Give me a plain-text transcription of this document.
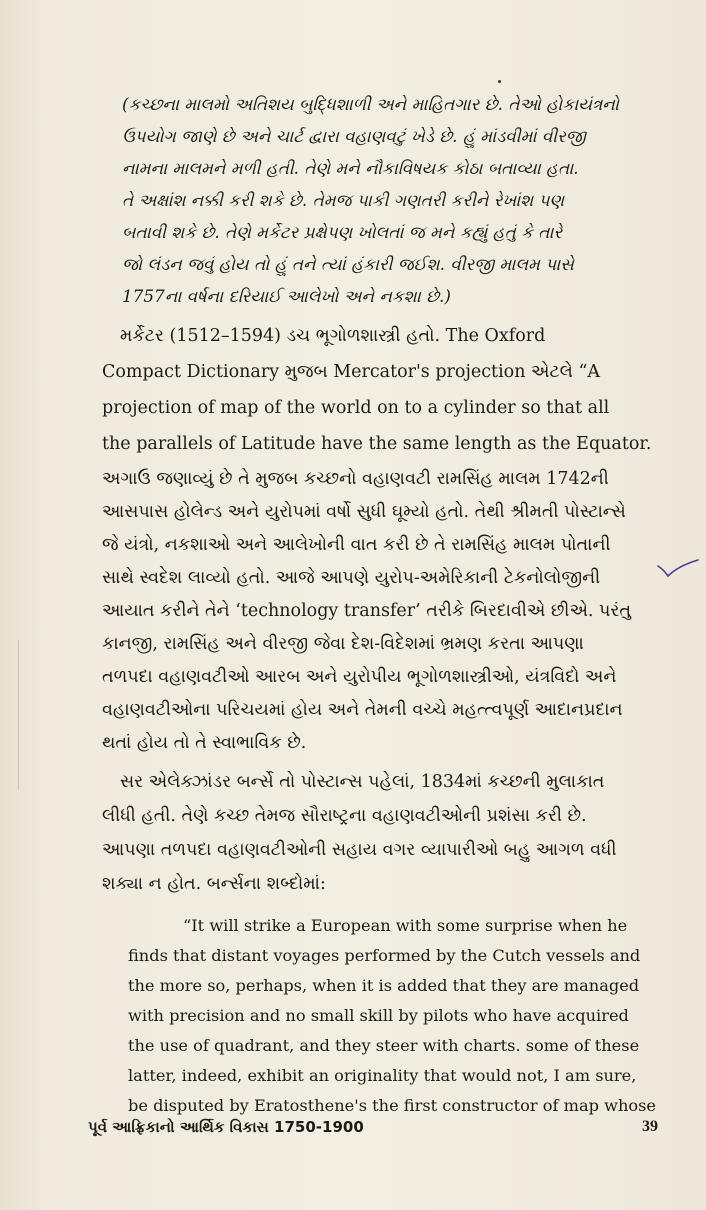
(કચ્છના માલમો અતિશય બુદ્ધિશાળી અને માહિતગાર છે. તેઓ હોકાયંત્રનો
ઉપયોગ જાણે છે અને ચાર્ટ દ્વારા વહાણવટું ખેડે છે. હું માંડવીમાં વીરજી
નામના માલમને મળી હતી. તેણે મને નૌકાવિષયક કોઠા બતાવ્યા હતા.
તે અક્ષાંશ નક્કી કરી શકે છે. તેમજ પાકી ગણતરી કરીને રેખાંશ પણ
બતાવી શકે છે. તેણે મર્કેટર પ્રક્ષેપણ ખોલતાં જ મને કહ્યું હતું કે તારે
જો લંડન જવું હોય તો હું તને ત્યાં હંકારી જઈશ. વીરજી માલમ પાસે
1757ના વર્ષના દરિયાઈ આલેખો અને નકશા છે.)
મર્કેટર (1512–1594) ડચ ભૂગોળશાસ્ત્રી હતો. The Oxford
Compact Dictionary મુજબ Mercator's projection એટલે “A
projection of map of the world on to a cylinder so that all
the parallels of Latitude have the same length as the Equator.
અગાઉ જણાવ્યું છે તે મુજબ કચ્છનો વહાણવટી રામસિંહ માલમ 1742ની
આસપાસ હોલેન્ડ અને યુરોપમાં વર્ષો સુધી ઘૂમ્યો હતો. તેથી શ્રીમતી પોસ્ટાન્સે
જે યંત્રો, નકશાઓ અને આલેખોની વાત કરી છે તે રામસિંહ માલમ પોતાની
સાથે સ્વદેશ લાવ્યો હતો. આજે આપણે યુરોપ-અમેરિકાની ટેકનોલોજીની
આયાત કરીને તેને ‘technology transfer’ તરીકે બિરદાવીએ છીએ. પરંતુ
કાનજી, રામસિંહ અને વીરજી જેવા દેશ-વિદેશમાં ભ્રમણ કરતા આપણા
તળપદા વહાણવટીઓ આરબ અને યુરોપીય ભૂગોળશાસ્ત્રીઓ, યંત્રવિદો અને
વહાણવટીઓના પરિચયમાં હોય અને તેમની વચ્ચે મહત્ત્વપૂર્ણ આદાનપ્રદાન
થતાં હોય તો તે સ્વાભાવિક છે.
સર એલેક્ઝાંડર બર્ન્સે તો પોસ્ટાન્સ પહેલાં, 1834માં કચ્છની મુલાકાત
લીધી હતી. તેણે કચ્છ તેમજ સૌરાષ્ટ્રના વહાણવટીઓની પ્રશંસા કરી છે.
આપણા તળપદા વહાણવટીઓની સહાય વગર વ્યાપારીઓ બહુ આગળ વધી
શક્યા ન હોત. બર્ન્સના શબ્દોમાં:
“It will strike a European with some surprise when he
finds that distant voyages performed by the Cutch vessels and
the more so, perhaps, when it is added that they are managed
with precision and no small skill by pilots who have acquired
the use of quadrant, and they steer with charts. some of these
latter, indeed, exhibit an originality that would not, I am sure,
be disputed by Eratosthene's the first constructor of map whose
પૂર્વ આફ્રિકાનો આર્થિક વિકાસ 1750-1900	39
